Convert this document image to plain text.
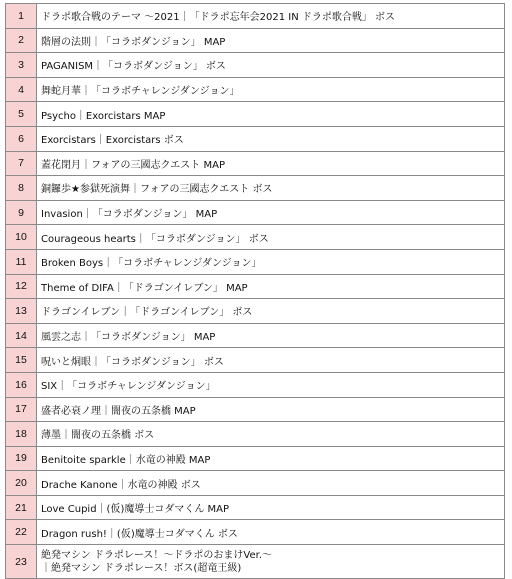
1	ドラポ歌合戦のテーマ ～2021｜「ドラポ忘年会2021 IN ドラポ歌合戦」 ボス
2	階層の法則｜「コラボダンジョン」 MAP
3	PAGANISM｜「コラボダンジョン」 ボス
4	舞蛇月華｜「コラボチャレンジダンジョン」
5	Psycho｜Exorcistars MAP
6	Exorcistars｜Exorcistars ボス
7	蓋花閉月｜フォアの三國志クエスト MAP
8	銅鑼歩★参獄死演舞｜フォアの三國志クエスト ボス
9	Invasion｜「コラボダンジョン」 MAP
10	Courageous hearts｜「コラボダンジョン」 ボス
11	Broken Boys｜「コラボチャレンジダンジョン」
12	Theme of DIFA｜「ドラゴンイレブン」 MAP
13	ドラゴンイレブン｜「ドラゴンイレブン」 ボス
14	風雲之志｜「コラボダンジョン」 MAP
15	呪いと烔眼｜「コラボダンジョン」 ボス
16	SIX｜「コラボチャレンジダンジョン」
17	盛者必衰ノ理｜闇夜の五条橋 MAP
18	薄墨｜闇夜の五条橋 ボス
19	Benitoite sparkle｜水竜の神殿 MAP
20	Drache Kanone｜水竜の神殿 ボス
21	Love Cupid｜(仮)魔導士コダマくん MAP
22	Dragon rush!｜(仮)魔導士コダマくん ボス
23	絶発マシン ドラポレース！～ドラポのおまけVer.～
｜絶発マシン ドラポレース！ボス(超竜王級)
